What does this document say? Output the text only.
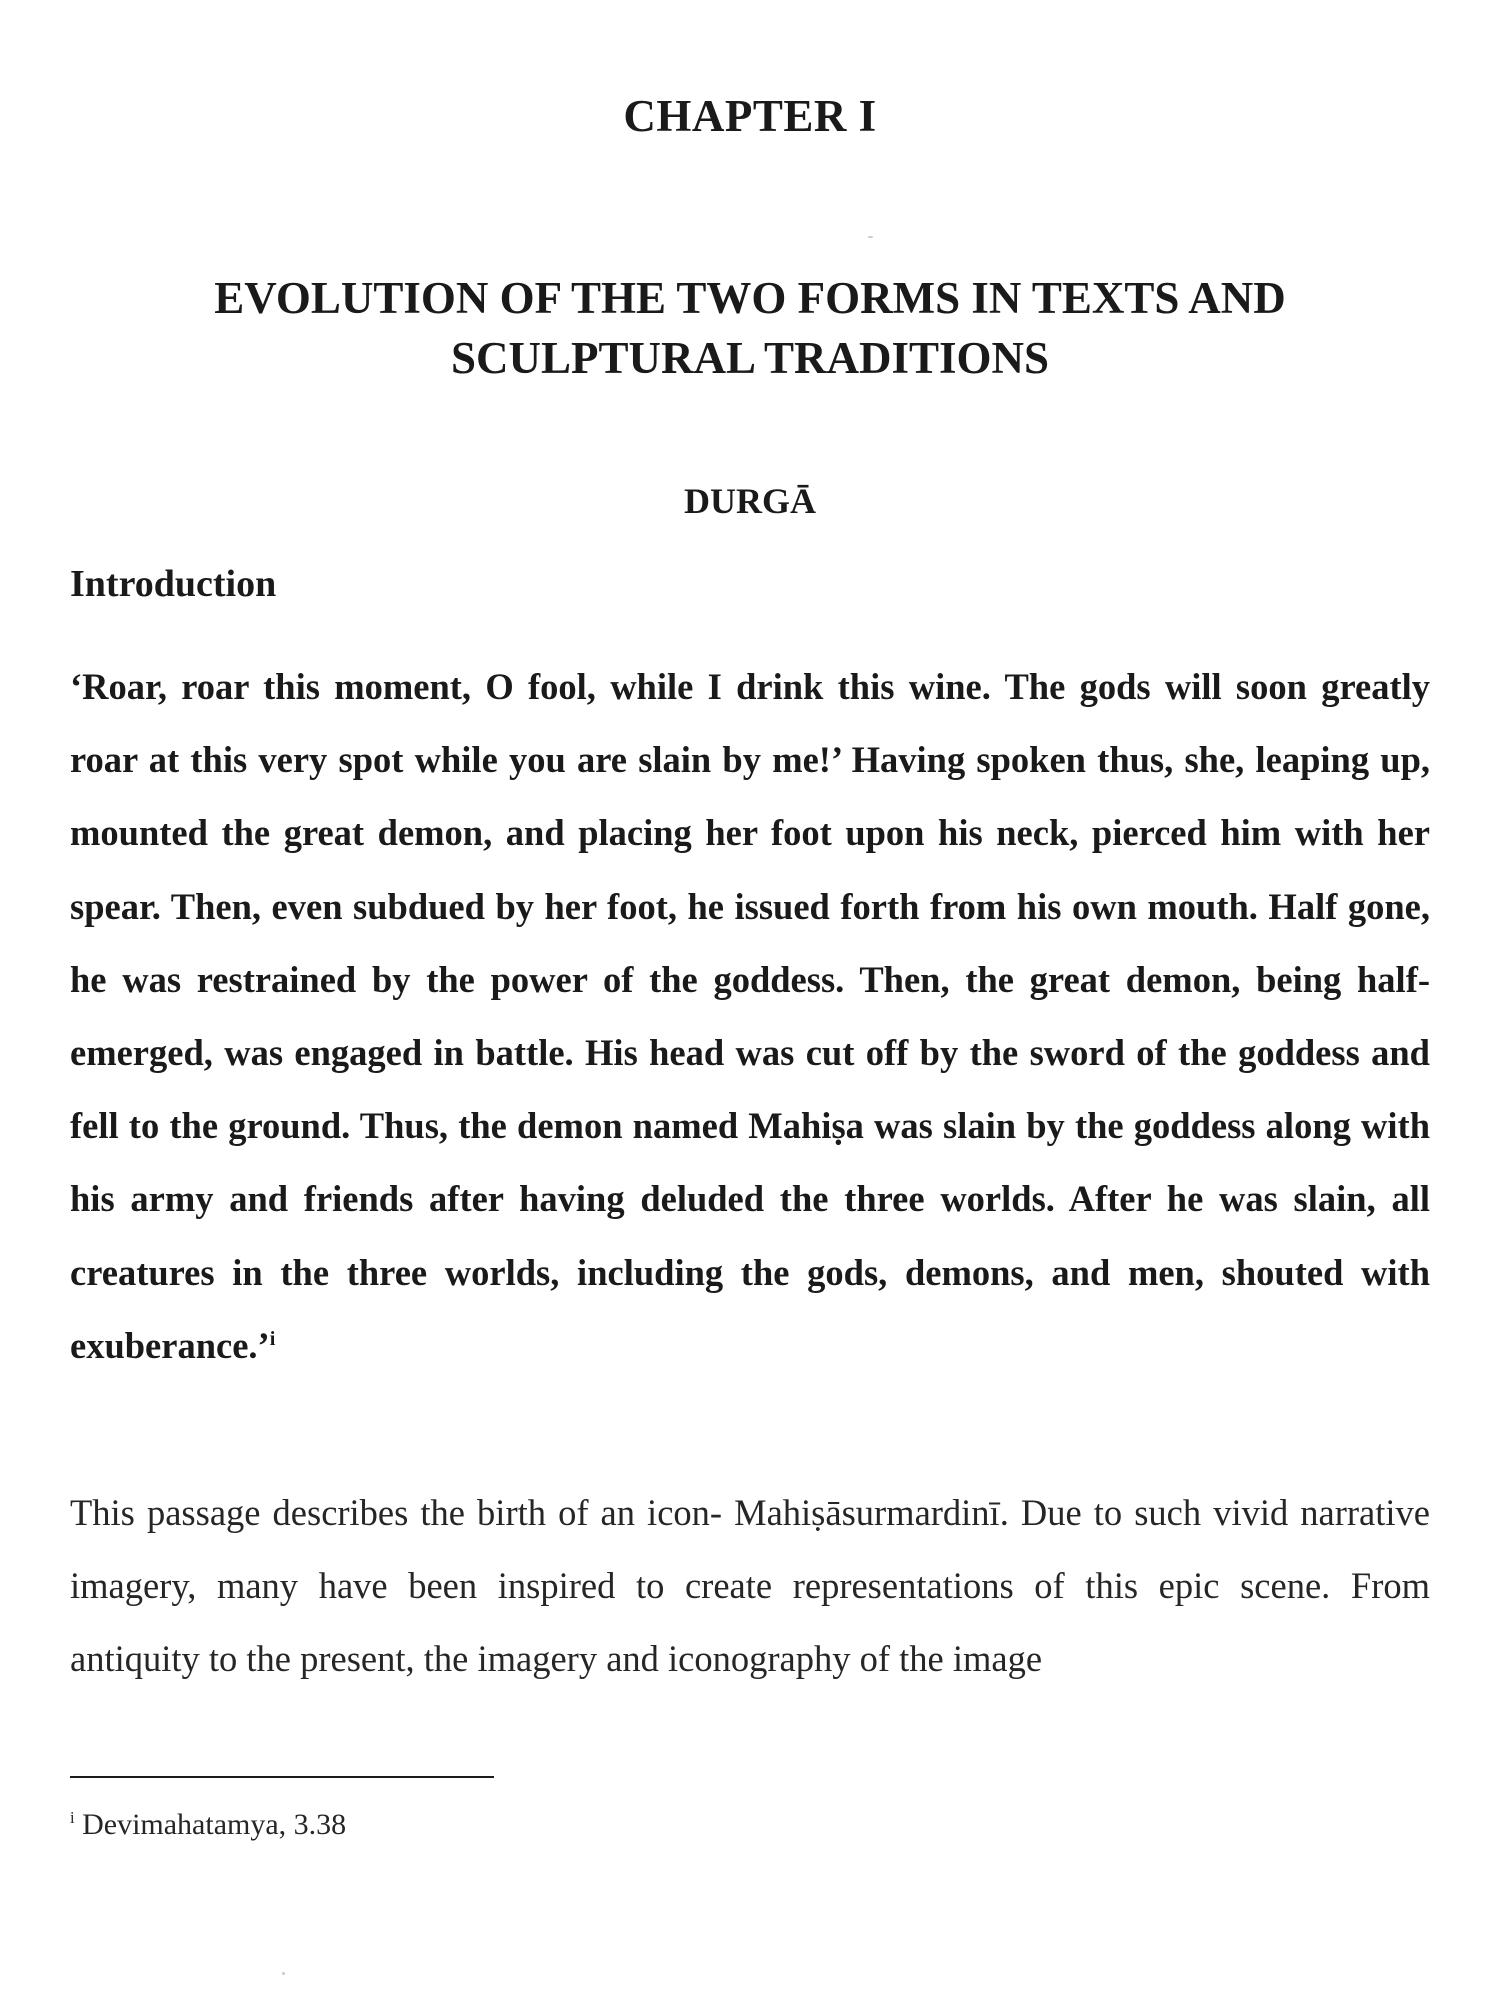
CHAPTER I
EVOLUTION OF THE TWO FORMS IN TEXTS AND
SCULPTURAL TRADITIONS
DURGĀ
Introduction
‘Roar, roar this moment, O fool, while I drink this wine. The gods will soon greatly roar at this very spot while you are slain by me!’ Having spoken thus, she, leaping up, mounted the great demon, and placing her foot upon his neck, pierced him with her spear. Then, even subdued by her foot, he issued forth from his own mouth. Half gone, he was restrained by the power of the goddess. Then, the great demon, being half-emerged, was engaged in battle. His head was cut off by the sword of the goddess and fell to the ground. Thus, the demon named Mahiṣa was slain by the goddess along with his army and friends after having deluded the three worlds. After he was slain, all creatures in the three worlds, including the gods, demons, and men, shouted with exuberance.’$^i$
This passage describes the birth of an icon- Mahiṣāsurmardinī. Due to such vivid narrative imagery, many have been inspired to create representations of this epic scene. From antiquity to the present, the imagery and iconography of the image
$^i$ Devimahatamya, 3.38
